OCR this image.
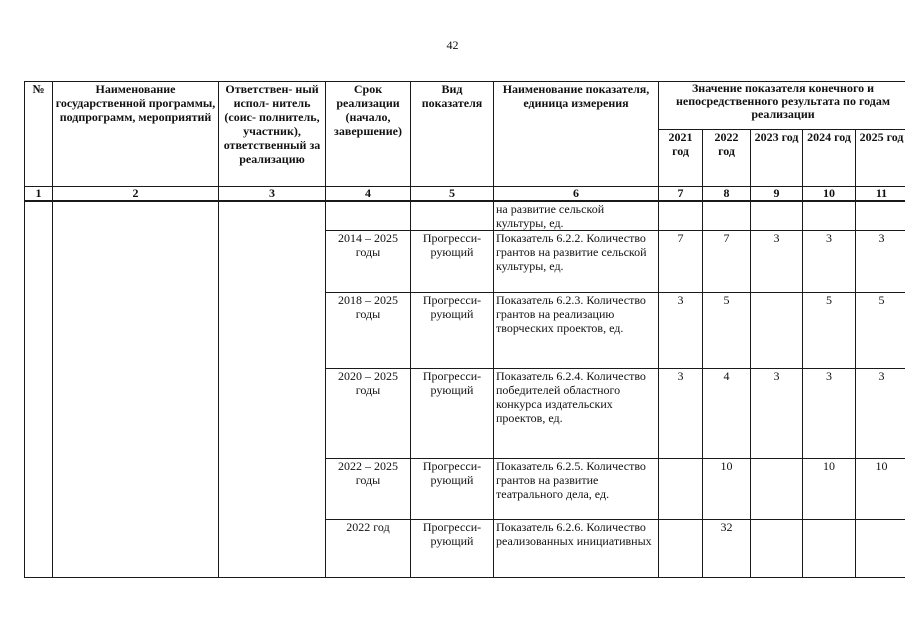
42
№	Наименование государственной программы, подпрограмм, мероприятий	Ответствен- ный испол- нитель (соис- полнитель, участник), ответственный за реализацию	Срок реализации (начало, завершение)	Вид показателя	Наименование показателя, единица измерения	Значение показателя конечного и непосредственного результата по годам реализации				
						2021 год	2022 год	2023 год	2024 год	2025 год
1	2	3	4	5	6	7	8	9	10	11
					на развитие сельской культуры, ед.					
			2014 – 2025 годы	Прогресси- рующий	Показатель 6.2.2. Количество грантов на развитие сельской культуры, ед.	7	7	3	3	3
			2018 – 2025 годы	Прогресси- рующий	Показатель 6.2.3. Количество грантов на реализацию творческих проектов, ед.	3	5		5	5
			2020 – 2025 годы	Прогресси- рующий	Показатель 6.2.4. Количество победителей областного конкурса издательских проектов, ед.	3	4	3	3	3
			2022 – 2025 годы	Прогресси- рующий	Показатель 6.2.5. Количество грантов на развитие театрального дела, ед.		10		10	10
			2022 год	Прогресси- рующий	Показатель 6.2.6. Количество реализованных инициативных		32			
